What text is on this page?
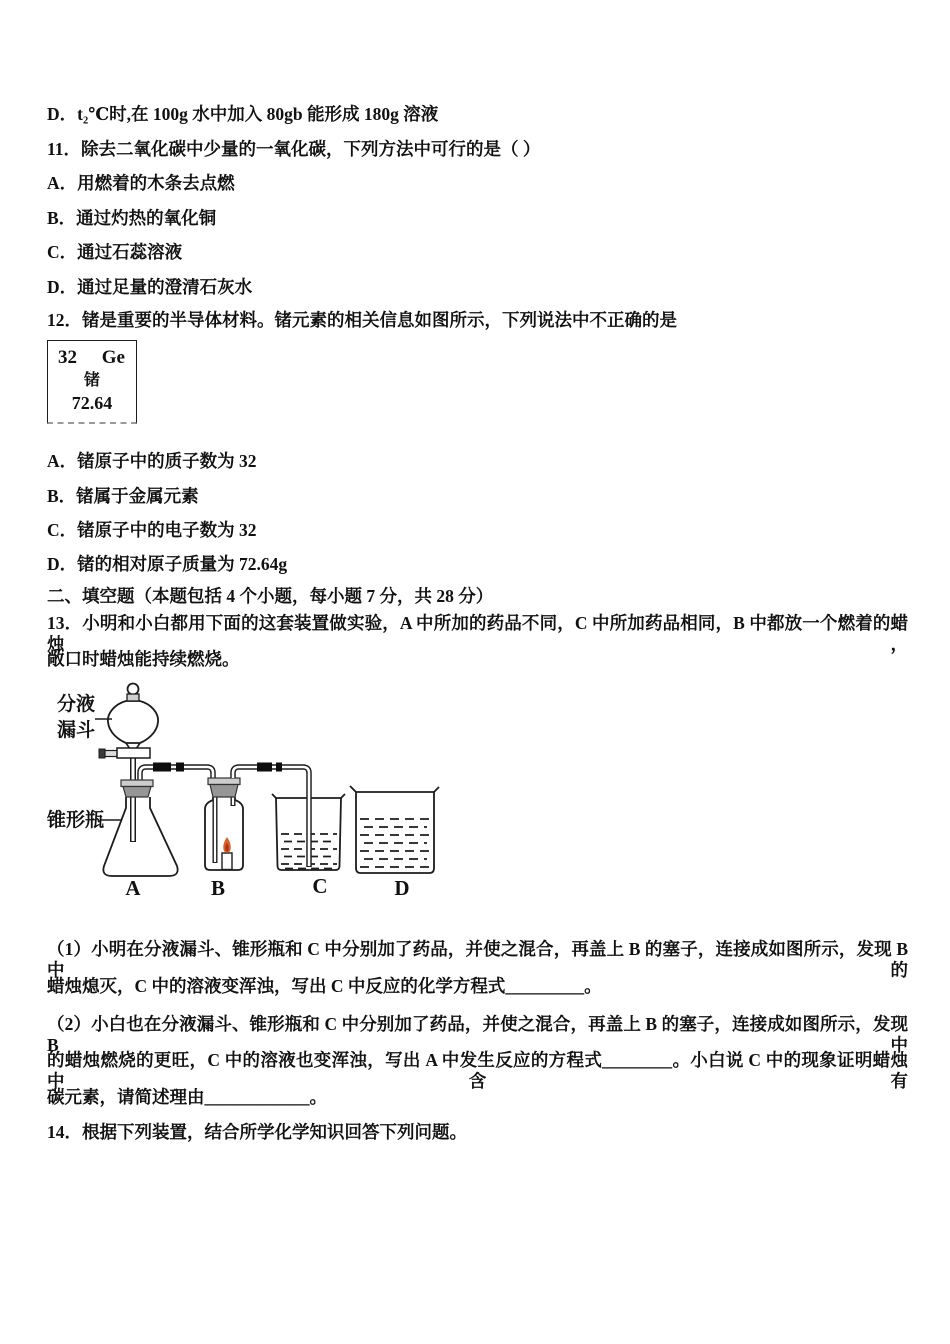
D．t₂℃时,在 100g 水中加入 80gb 能形成 180g 溶液
11．除去二氧化碳中少量的一氧化碳，下列方法中可行的是（ ）
A．用燃着的木条去点燃
B．通过灼热的氧化铜
C．通过石蕊溶液
D．通过足量的澄清石灰水
12．锗是重要的半导体材料。锗元素的相关信息如图所示，下列说法中不正确的是
32 Ge
锗
72.64
A．锗原子中的质子数为 32
B．锗属于金属元素
C．锗原子中的电子数为 32
D．锗的相对原子质量为 72.64g
二、填空题（本题包括 4 个小题，每小题 7 分，共 28 分）
13．小明和小白都用下面的这套装置做实验，A 中所加的药品不同，C 中所加药品相同，B 中都放一个燃着的蜡烛，
敞口时蜡烛能持续燃烧。
分液
漏斗
锥形瓶
A	B	C	D
（1）小明在分液漏斗、锥形瓶和 C 中分别加了药品，并使之混合，再盖上 B 的塞子，连接成如图所示，发现 B 中的
蜡烛熄灭，C 中的溶液变浑浊，写出 C 中反应的化学方程式_________。
（2）小白也在分液漏斗、锥形瓶和 C 中分别加了药品，并使之混合，再盖上 B 的塞子，连接成如图所示，发现 B 中
的蜡烛燃烧的更旺，C 中的溶液也变浑浊，写出 A 中发生反应的方程式________。小白说 C 中的现象证明蜡烛中含有
碳元素，请简述理由____________。
14．根据下列装置，结合所学化学知识回答下列问题。
